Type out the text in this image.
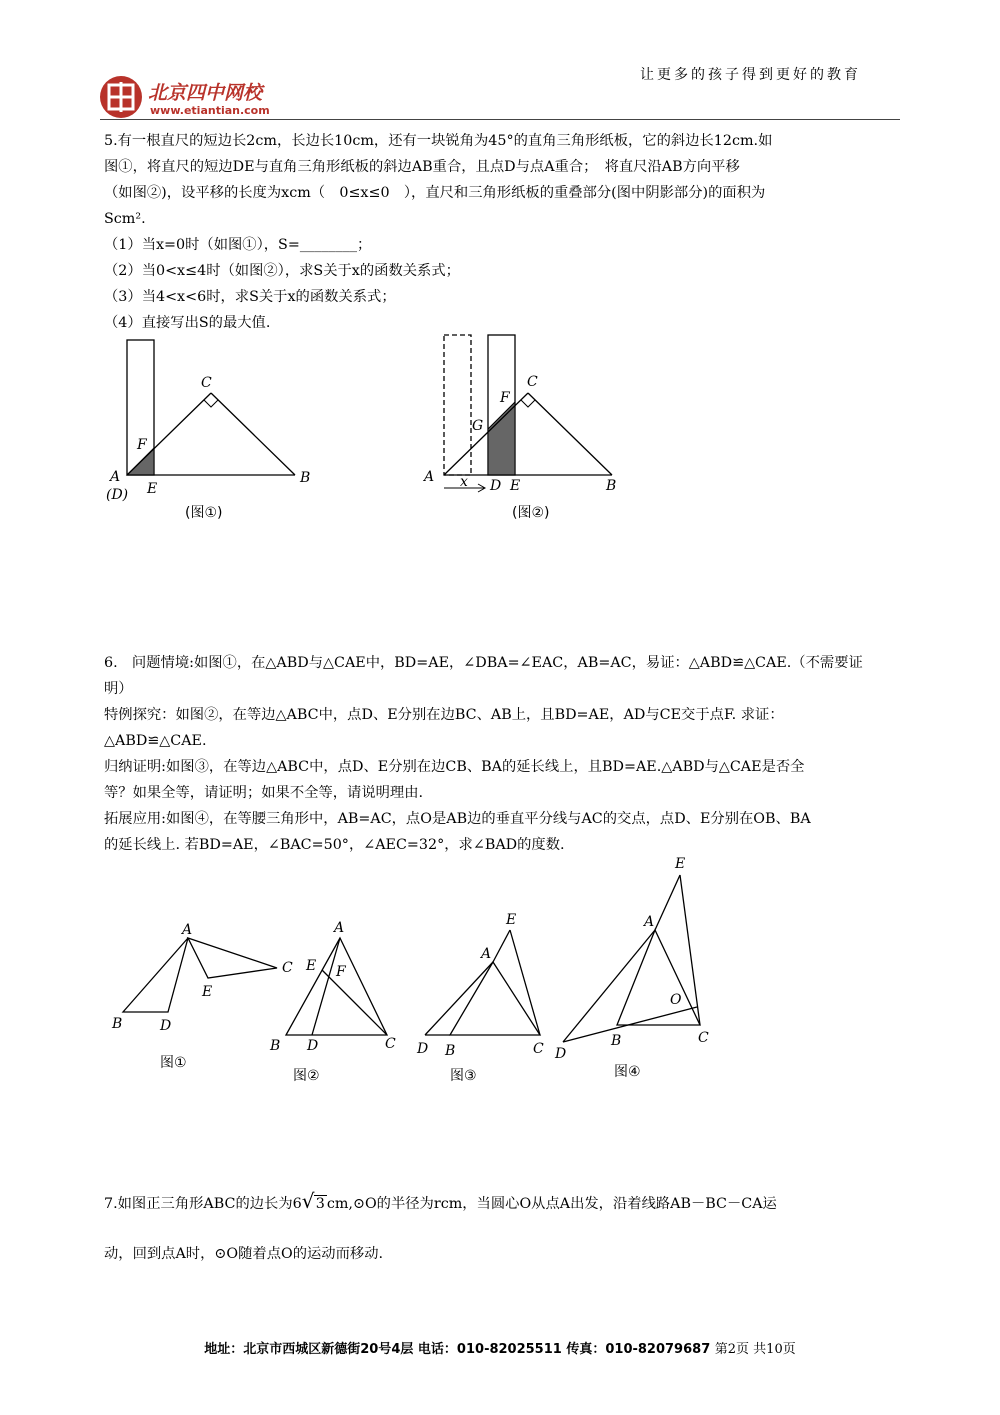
让更多的孩子得到更好的教育
北京四中网校
www.etiantian.com
5.有一根直尺的短边长2cm，长边长10cm，还有一块锐角为45°的直角三角形纸板，它的斜边长12cm.如
图①，将直尺的短边DE与直角三角形纸板的斜边AB重合，且点D与点A重合；　将直尺沿AB方向平移
（如图②)，设平移的长度为xcm（　0≤x≤0　），直尺和三角形纸板的重叠部分(图中阴影部分)的面积为
Scm².
（1）当x=0时（如图①），S=________；
（2）当0<x≤4时（如图②），求S关于x的函数关系式；
（3）当4<x<6时，求S关于x的函数关系式；
（4）直接写出S的最大值.
A
(D) E
F
B
C
(图①)
A x D E
F
G
B
C
(图②)
6.　问题情境:如图①，在△ABD与△CAE中，BD=AE，∠DBA=∠EAC，AB=AC，易证：△ABD≌△CAE.（不需要证
明）
特例探究：如图②，在等边△ABC中，点D、E分别在边BC、AB上，且BD=AE，AD与CE交于点F. 求证：
△ABD≌△CAE.
归纳证明:如图③，在等边△ABC中，点D、E分别在边CB、BA的延长线上，且BD=AE.△ABD与△CAE是否全
等？如果全等，请证明；如果不全等，请说明理由.
拓展应用:如图④，在等腰三角形中，AB=AC，点O是AB边的垂直平分线与AC的交点，点D、E分别在OB、BA
的延长线上. 若BD=AE，∠BAC=50°，∠AEC=32°，求∠BAD的度数.
A
B	D
E
C
A
E F
B D	C
E
A
D B	C
E
A
O
D
B	C
图①
图②	图③	图④
7.如图正三角形ABC的边长为6 √ 3 cm,⊙O的半径为rcm，当圆心O从点A出发，沿着线路AB－BC－CA运
动，回到点A时，⊙O随着点O的运动而移动.
地址：北京市西城区新德街20号4层 电话：010-82025511 传真：010-82079687 第2页 共10页
